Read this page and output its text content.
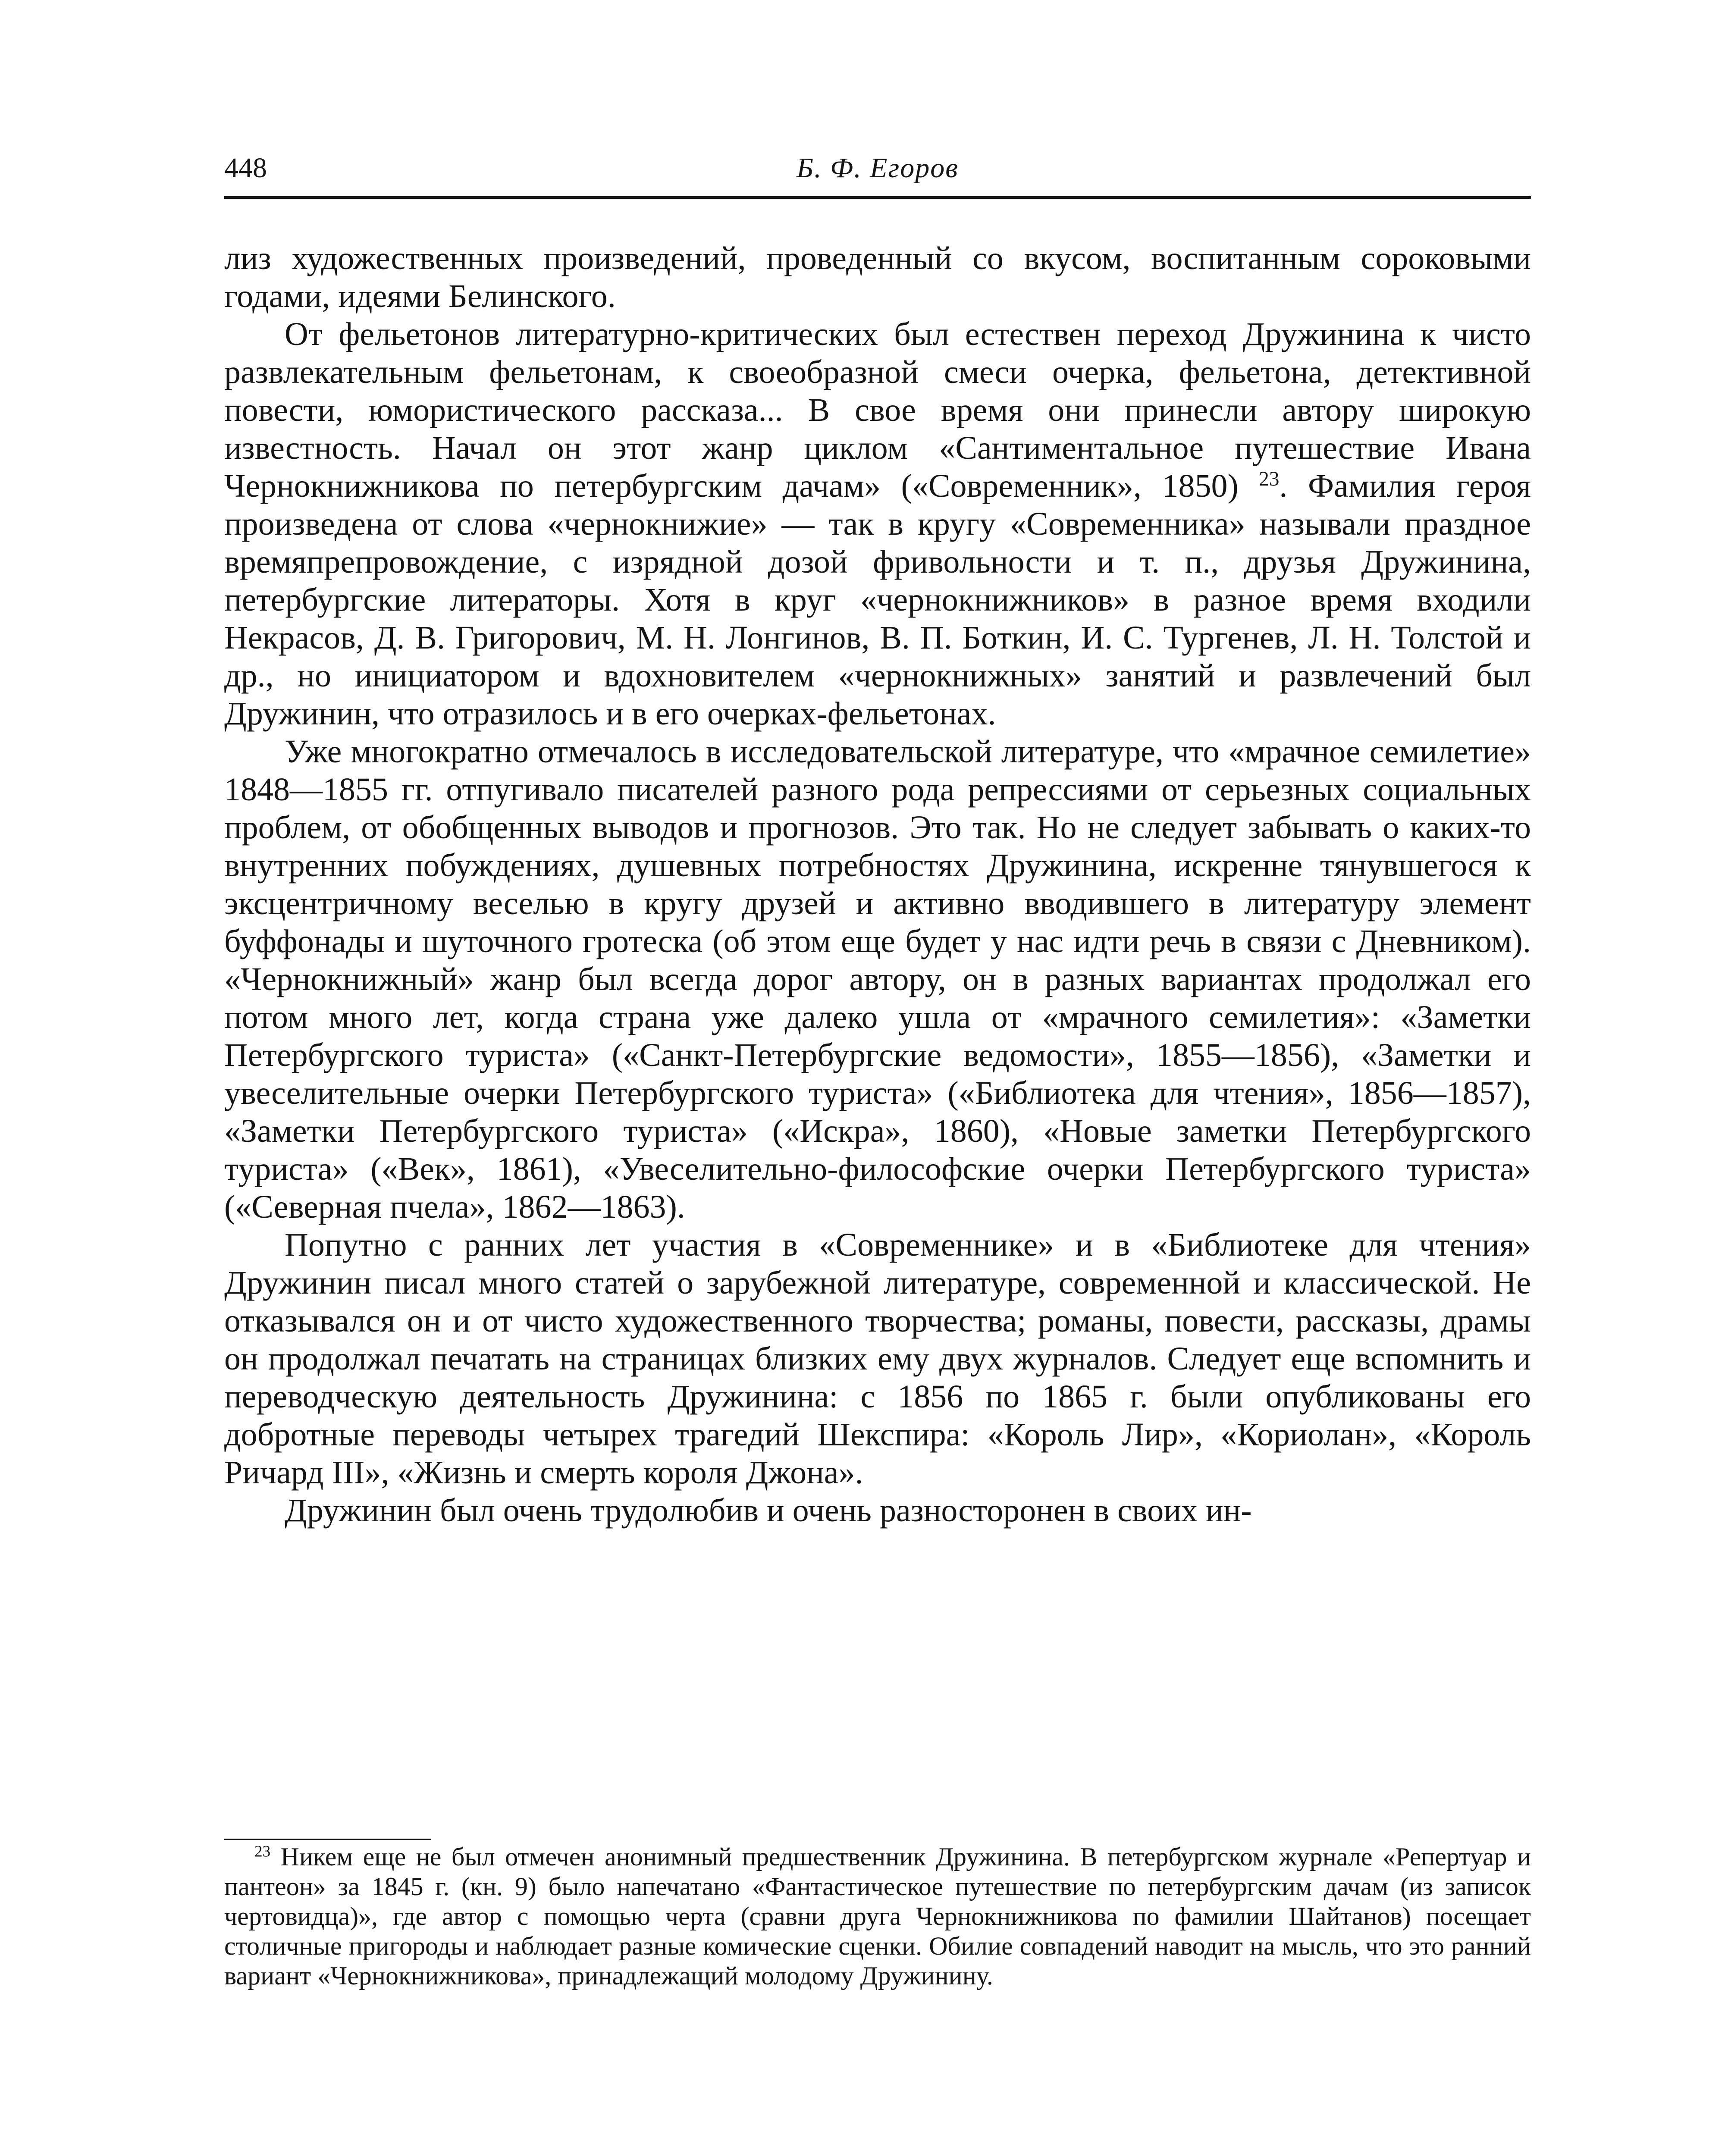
448	Б. Ф. Егоров

лиз художественных произведений, проведенный со вкусом, воспитанным сороковыми годами, идеями Белинского.

От фельетонов литературно-критических был естествен переход Дружинина к чисто развлекательным фельетонам, к своеобразной смеси очерка, фельетона, детективной повести, юмористического рассказа... В свое время они принесли автору широкую известность. Начал он этот жанр циклом «Сантиментальное путешествие Ивана Чернокнижникова по петербургским дачам» («Современник», 1850) $^{23}$. Фамилия героя произведена от слова «чернокнижие» — так в кругу «Современника» называли праздное времяпрепровождение, с изрядной дозой фривольности и т. п., друзья Дружинина, петербургские литераторы. Хотя в круг «чернокнижников» в разное время входили Некрасов, Д. В. Григорович, М. Н. Лонгинов, В. П. Боткин, И. С. Тургенев, Л. Н. Толстой и др., но инициатором и вдохновителем «чернокнижных» занятий и развлечений был Дружинин, что отразилось и в его очерках-фельетонах.

Уже многократно отмечалось в исследовательской литературе, что «мрачное семилетие» 1848—1855 гг. отпугивало писателей разного рода репрессиями от серьезных социальных проблем, от обобщенных выводов и прогнозов. Это так. Но не следует забывать о каких-то внутренних побуждениях, душевных потребностях Дружинина, искренне тянувшегося к эксцентричному веселью в кругу друзей и активно вводившего в литературу элемент буффонады и шуточного гротеска (об этом еще будет у нас идти речь в связи с Дневником). «Чернокнижный» жанр был всегда дорог автору, он в разных вариантах продолжал его потом много лет, когда страна уже далеко ушла от «мрачного семилетия»: «Заметки Петербургского туриста» («Санкт-Петербургские ведомости», 1855—1856), «Заметки и увеселительные очерки Петербургского туриста» («Библиотека для чтения», 1856—1857), «Заметки Петербургского туриста» («Искра», 1860), «Новые заметки Петербургского туриста» («Век», 1861), «Увеселительно-философские очерки Петербургского туриста» («Северная пчела», 1862—1863).

Попутно с ранних лет участия в «Современнике» и в «Библиотеке для чтения» Дружинин писал много статей о зарубежной литературе, современной и классической. Не отказывался он и от чисто художественного творчества; романы, повести, рассказы, драмы он продолжал печатать на страницах близких ему двух журналов. Следует еще вспомнить и переводческую деятельность Дружинина: с 1856 по 1865 г. были опубликованы его добротные переводы четырех трагедий Шекспира: «Король Лир», «Кориолан», «Король Ричард III», «Жизнь и смерть короля Джона».

Дружинин был очень трудолюбив и очень разносторонен в своих ин-

$^{23}$ Никем еще не был отмечен анонимный предшественник Дружинина. В петербургском журнале «Репертуар и пантеон» за 1845 г. (кн. 9) было напечатано «Фантастическое путешествие по петербургским дачам (из записок чертовидца)», где автор с помощью черта (сравни друга Чернокнижникова по фамилии Шайтанов) посещает столичные пригороды и наблюдает разные комические сценки. Обилие совпадений наводит на мысль, что это ранний вариант «Чернокнижникова», принадлежащий молодому Дружинину.
